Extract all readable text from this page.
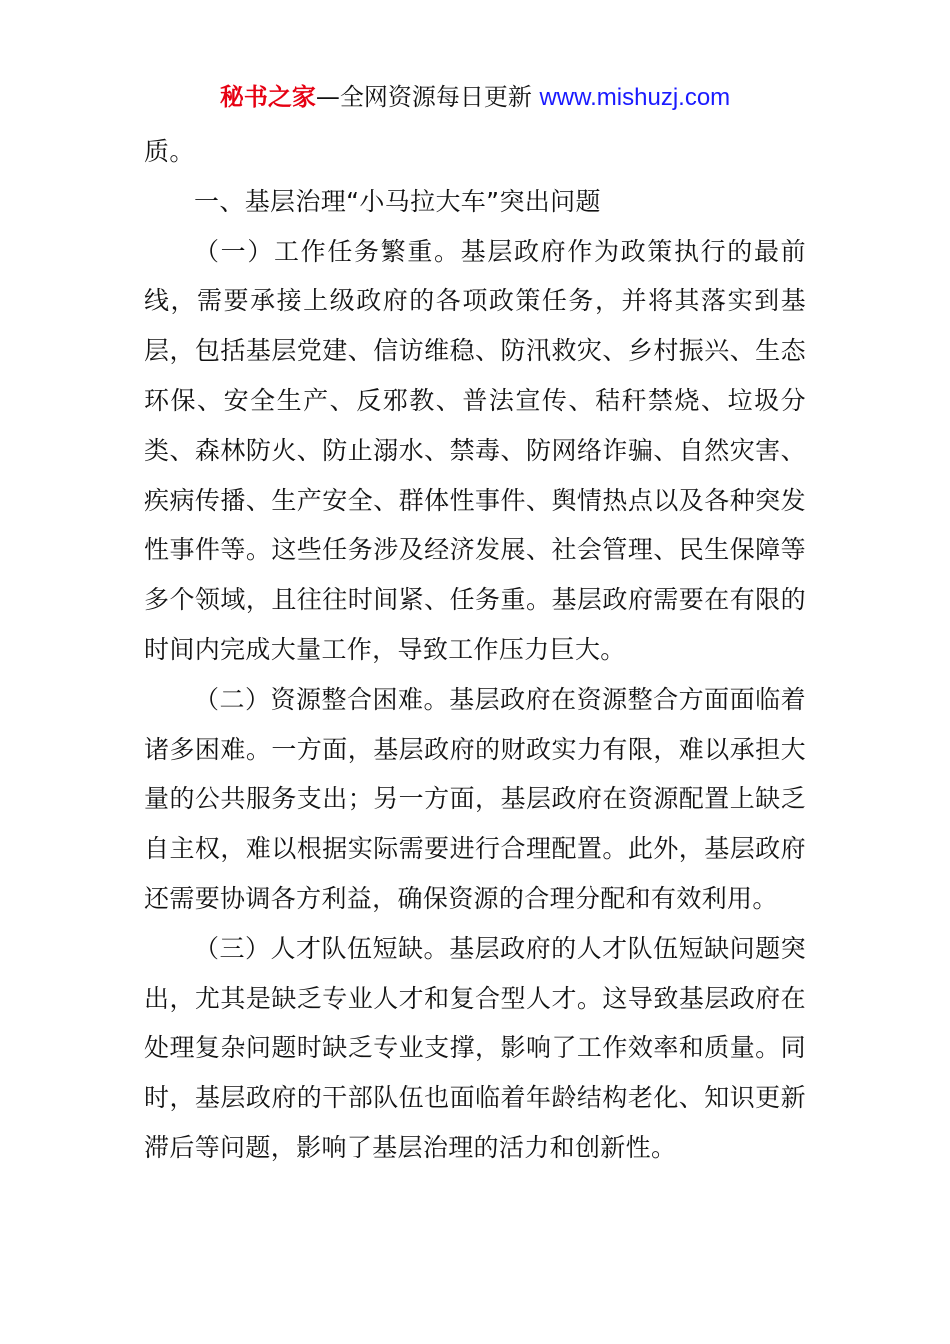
秘书之家—全网资源每日更新 www.mishuzj.com

质。

一、基层治理“小马拉大车”突出问题

（一）工作任务繁重。基层政府作为政策执行的最前线，需要承接上级政府的各项政策任务，并将其落实到基层，包括基层党建、信访维稳、防汛救灾、乡村振兴、生态环保、安全生产、反邪教、普法宣传、秸秆禁烧、垃圾分类、森林防火、防止溺水、禁毒、防网络诈骗、自然灾害、疾病传播、生产安全、群体性事件、舆情热点以及各种突发性事件等。这些任务涉及经济发展、社会管理、民生保障等多个领域，且往往时间紧、任务重。基层政府需要在有限的时间内完成大量工作，导致工作压力巨大。

（二）资源整合困难。基层政府在资源整合方面面临着诸多困难。一方面，基层政府的财政实力有限，难以承担大量的公共服务支出；另一方面，基层政府在资源配置上缺乏自主权，难以根据实际需要进行合理配置。此外，基层政府还需要协调各方利益，确保资源的合理分配和有效利用。

（三）人才队伍短缺。基层政府的人才队伍短缺问题突出，尤其是缺乏专业人才和复合型人才。这导致基层政府在处理复杂问题时缺乏专业支撑，影响了工作效率和质量。同时，基层政府的干部队伍也面临着年龄结构老化、知识更新滞后等问题，影响了基层治理的活力和创新性。
